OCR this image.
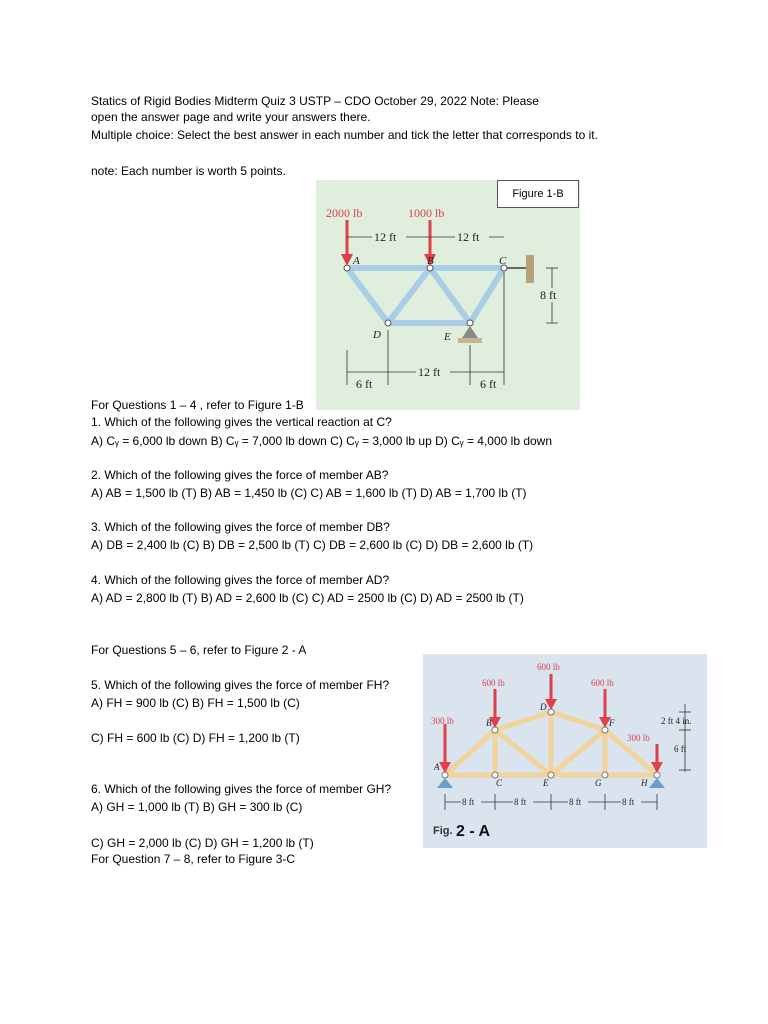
Statics of Rigid Bodies Midterm Quiz 3 USTP – CDO October 29, 2022 Note: Please
open the answer page and write your answers there.
Multiple choice: Select the best answer in each number and tick the letter that corresponds to it.
note: Each number is worth 5 points.
2000 lb	1000 lb
12 ft	12 ft
8 ft
6 ft
12 ft
6 ft
A	B	C
D	E
Figure 1-B
For Questions 1 – 4 , refer to Figure 1-B
1. Which of the following gives the vertical reaction at C?
A) Cᵧ = 6,000 lb down B) Cᵧ = 7,000 lb down C) Cᵧ = 3,000 lb up D) Cᵧ = 4,000 lb down
2. Which of the following gives the force of member AB?
A) AB = 1,500 lb (T) B) AB = 1,450 lb (C) C) AB = 1,600 lb (T) D) AB = 1,700 lb (T)
3. Which of the following gives the force of member DB?
A) DB = 2,400 lb (C) B) DB = 2,500 lb (T) C) DB = 2,600 lb (C) D) DB = 2,600 lb (T)
4. Which of the following gives the force of member AD?
A) AD = 2,800 lb (T) B) AD = 2,600 lb (C) C) AD = 2500 lb (C) D) AD = 2500 lb (T)
For Questions 5 – 6, refer to Figure 2 - A
5. Which of the following gives the force of member FH?
A) FH = 900 lb (C) B) FH = 1,500 lb (C)
C) FH = 600 lb (C) D) FH = 1,200 lb (T)
6. Which of the following gives the force of member GH?
A) GH = 1,000 lb (T) B) GH = 300 lb (C)
C) GH = 2,000 lb (C) D) GH = 1,200 lb (T)
For Question 7 – 8, refer to Figure 3-C
600 lb
600 lb	600 lb
300 lb
300 lb
2 ft 4 in.
6 ft
8 ft	8 ft	8 ft	8 ft
A
B
D
F
C	E	G	H
Fig. 2 - A
